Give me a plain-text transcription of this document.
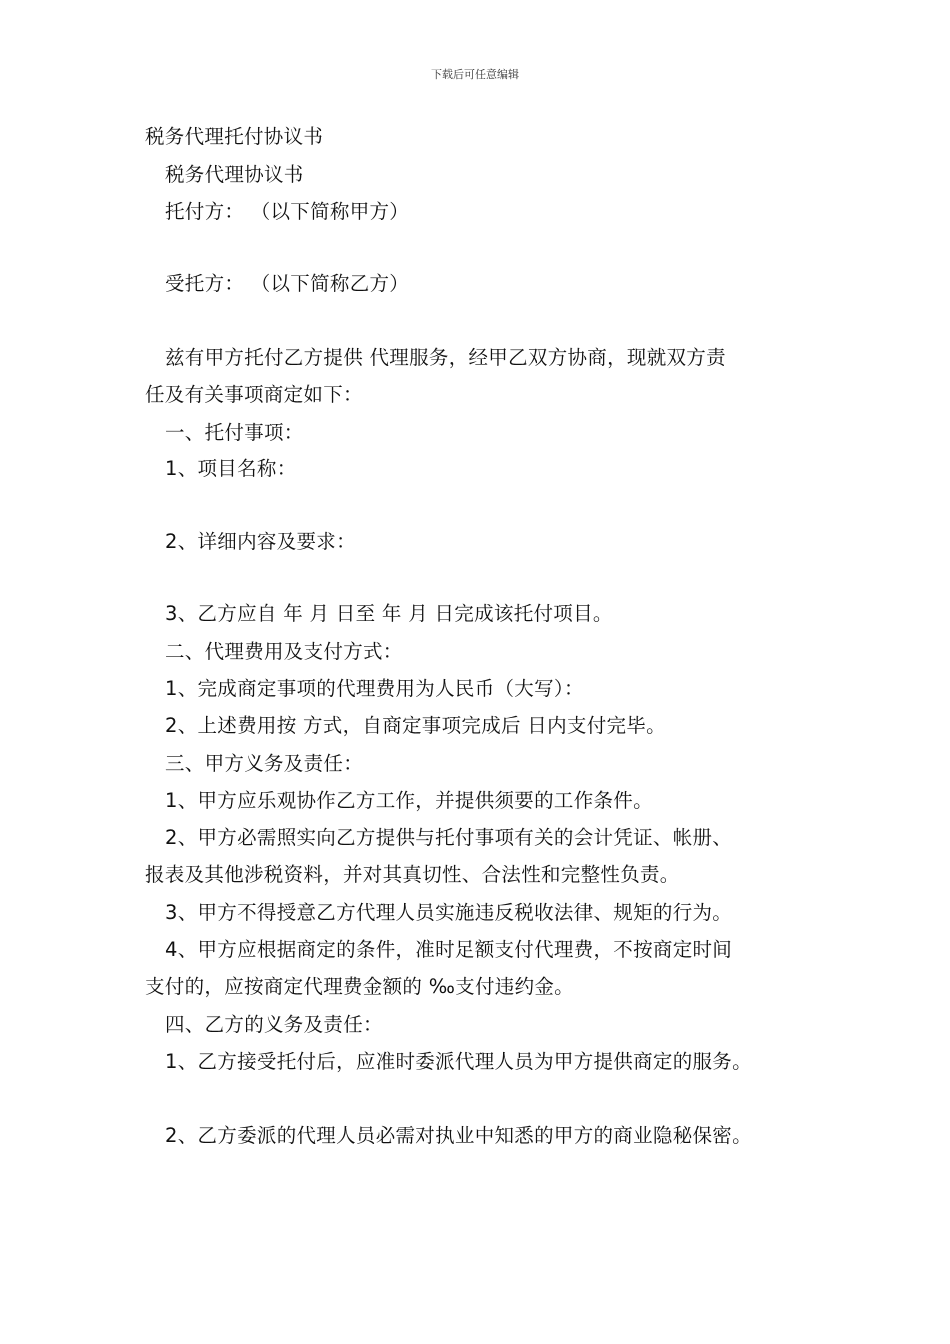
下载后可任意编辑
税务代理托付协议书
税务代理协议书
托付方： （以下简称甲方）
受托方： （以下简称乙方）
兹有甲方托付乙方提供 代理服务，经甲乙双方协商，现就双方责
任及有关事项商定如下：
一、托付事项：
1、项目名称：
2、详细内容及要求：
3、乙方应自 年 月 日至 年 月 日完成该托付项目。
二、代理费用及支付方式：
1、完成商定事项的代理费用为人民币（大写）：
2、上述费用按 方式，自商定事项完成后 日内支付完毕。
三、甲方义务及责任：
1、甲方应乐观协作乙方工作，并提供须要的工作条件。
2、甲方必需照实向乙方提供与托付事项有关的会计凭证、帐册、
报表及其他涉税资料，并对其真切性、合法性和完整性负责。
3、甲方不得授意乙方代理人员实施违反税收法律、规矩的行为。
4、甲方应根据商定的条件，准时足额支付代理费，不按商定时间
支付的，应按商定代理费金额的 ‰支付违约金。
四、乙方的义务及责任：
1、乙方接受托付后，应准时委派代理人员为甲方提供商定的服务。
2、乙方委派的代理人员必需对执业中知悉的甲方的商业隐秘保密。
